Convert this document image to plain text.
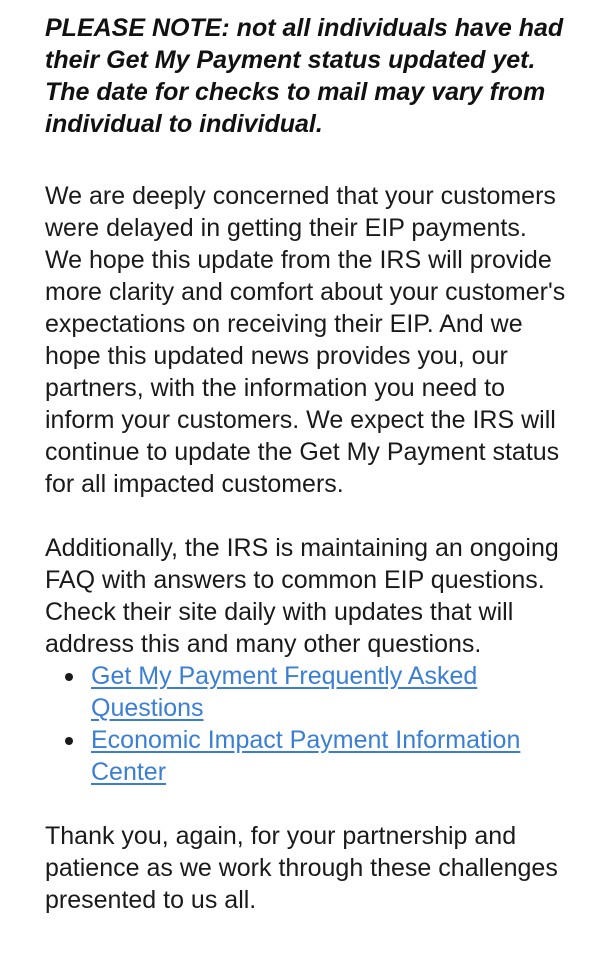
PLEASE NOTE: not all individuals have had their Get My Payment status updated yet. The date for checks to mail may vary from individual to individual.

We are deeply concerned that your customers were delayed in getting their EIP payments. We hope this update from the IRS will provide more clarity and comfort about your customer's expectations on receiving their EIP. And we hope this updated news provides you, our partners, with the information you need to inform your customers. We expect the IRS will continue to update the Get My Payment status for all impacted customers.

Additionally, the IRS is maintaining an ongoing FAQ with answers to common EIP questions. Check their site daily with updates that will address this and many other questions.

Get My Payment Frequently Asked Questions
Economic Impact Payment Information Center

Thank you, again, for your partnership and patience as we work through these challenges presented to us all.
